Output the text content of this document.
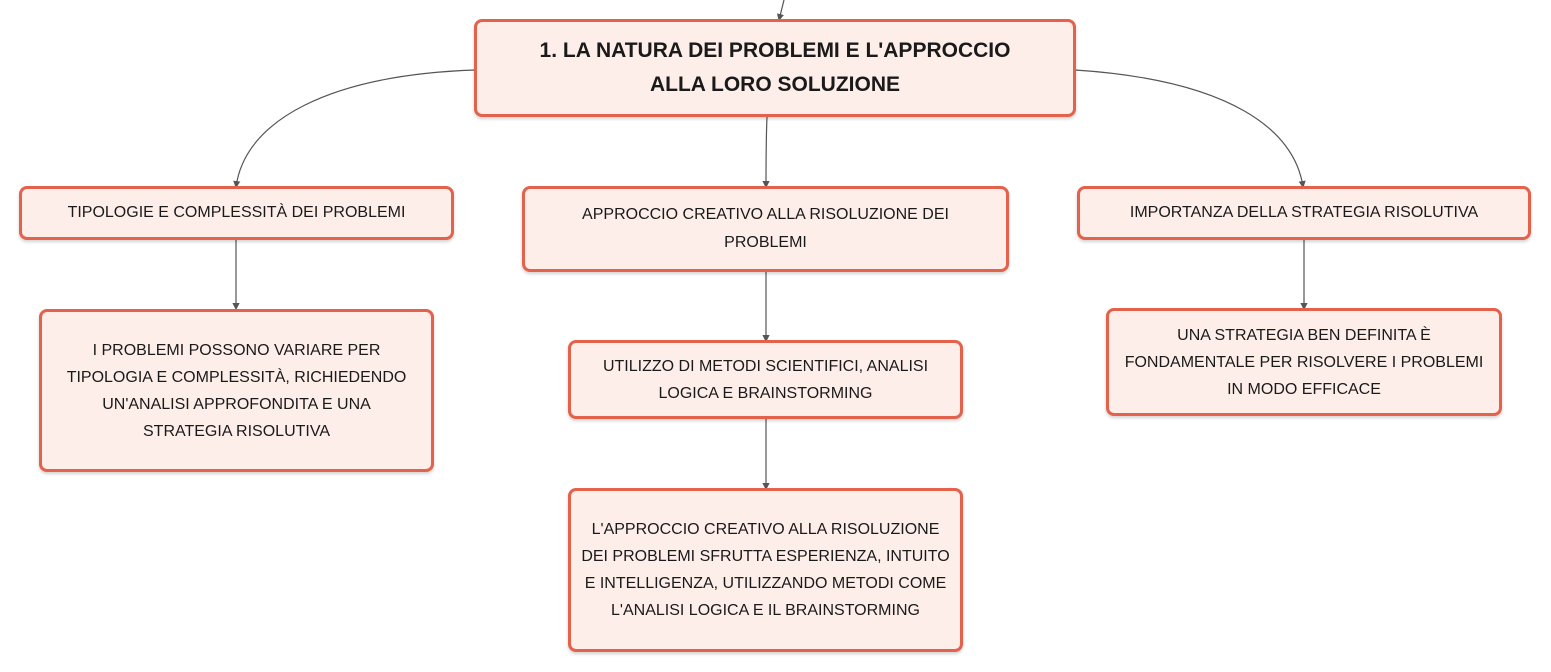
1. LA NATURA DEI PROBLEMI E L'APPROCCIO ALLA LORO SOLUZIONE
TIPOLOGIE E COMPLESSITÀ DEI PROBLEMI	APPROCCIO CREATIVO ALLA RISOLUZIONE DEI PROBLEMI
IMPORTANZA DELLA STRATEGIA RISOLUTIVA
I PROBLEMI POSSONO VARIARE PER TIPOLOGIA E COMPLESSITÀ, RICHIEDENDO UN'ANALISI APPROFONDITA E UNA STRATEGIA RISOLUTIVA
UTILIZZO DI METODI SCIENTIFICI, ANALISI LOGICA E BRAINSTORMING
L'APPROCCIO CREATIVO ALLA RISOLUZIONE DEI PROBLEMI SFRUTTA ESPERIENZA, INTUITO E INTELLIGENZA, UTILIZZANDO METODI COME L'ANALISI LOGICA E IL BRAINSTORMING
UNA STRATEGIA BEN DEFINITA È FONDAMENTALE PER RISOLVERE I PROBLEMI IN MODO EFFICACE
